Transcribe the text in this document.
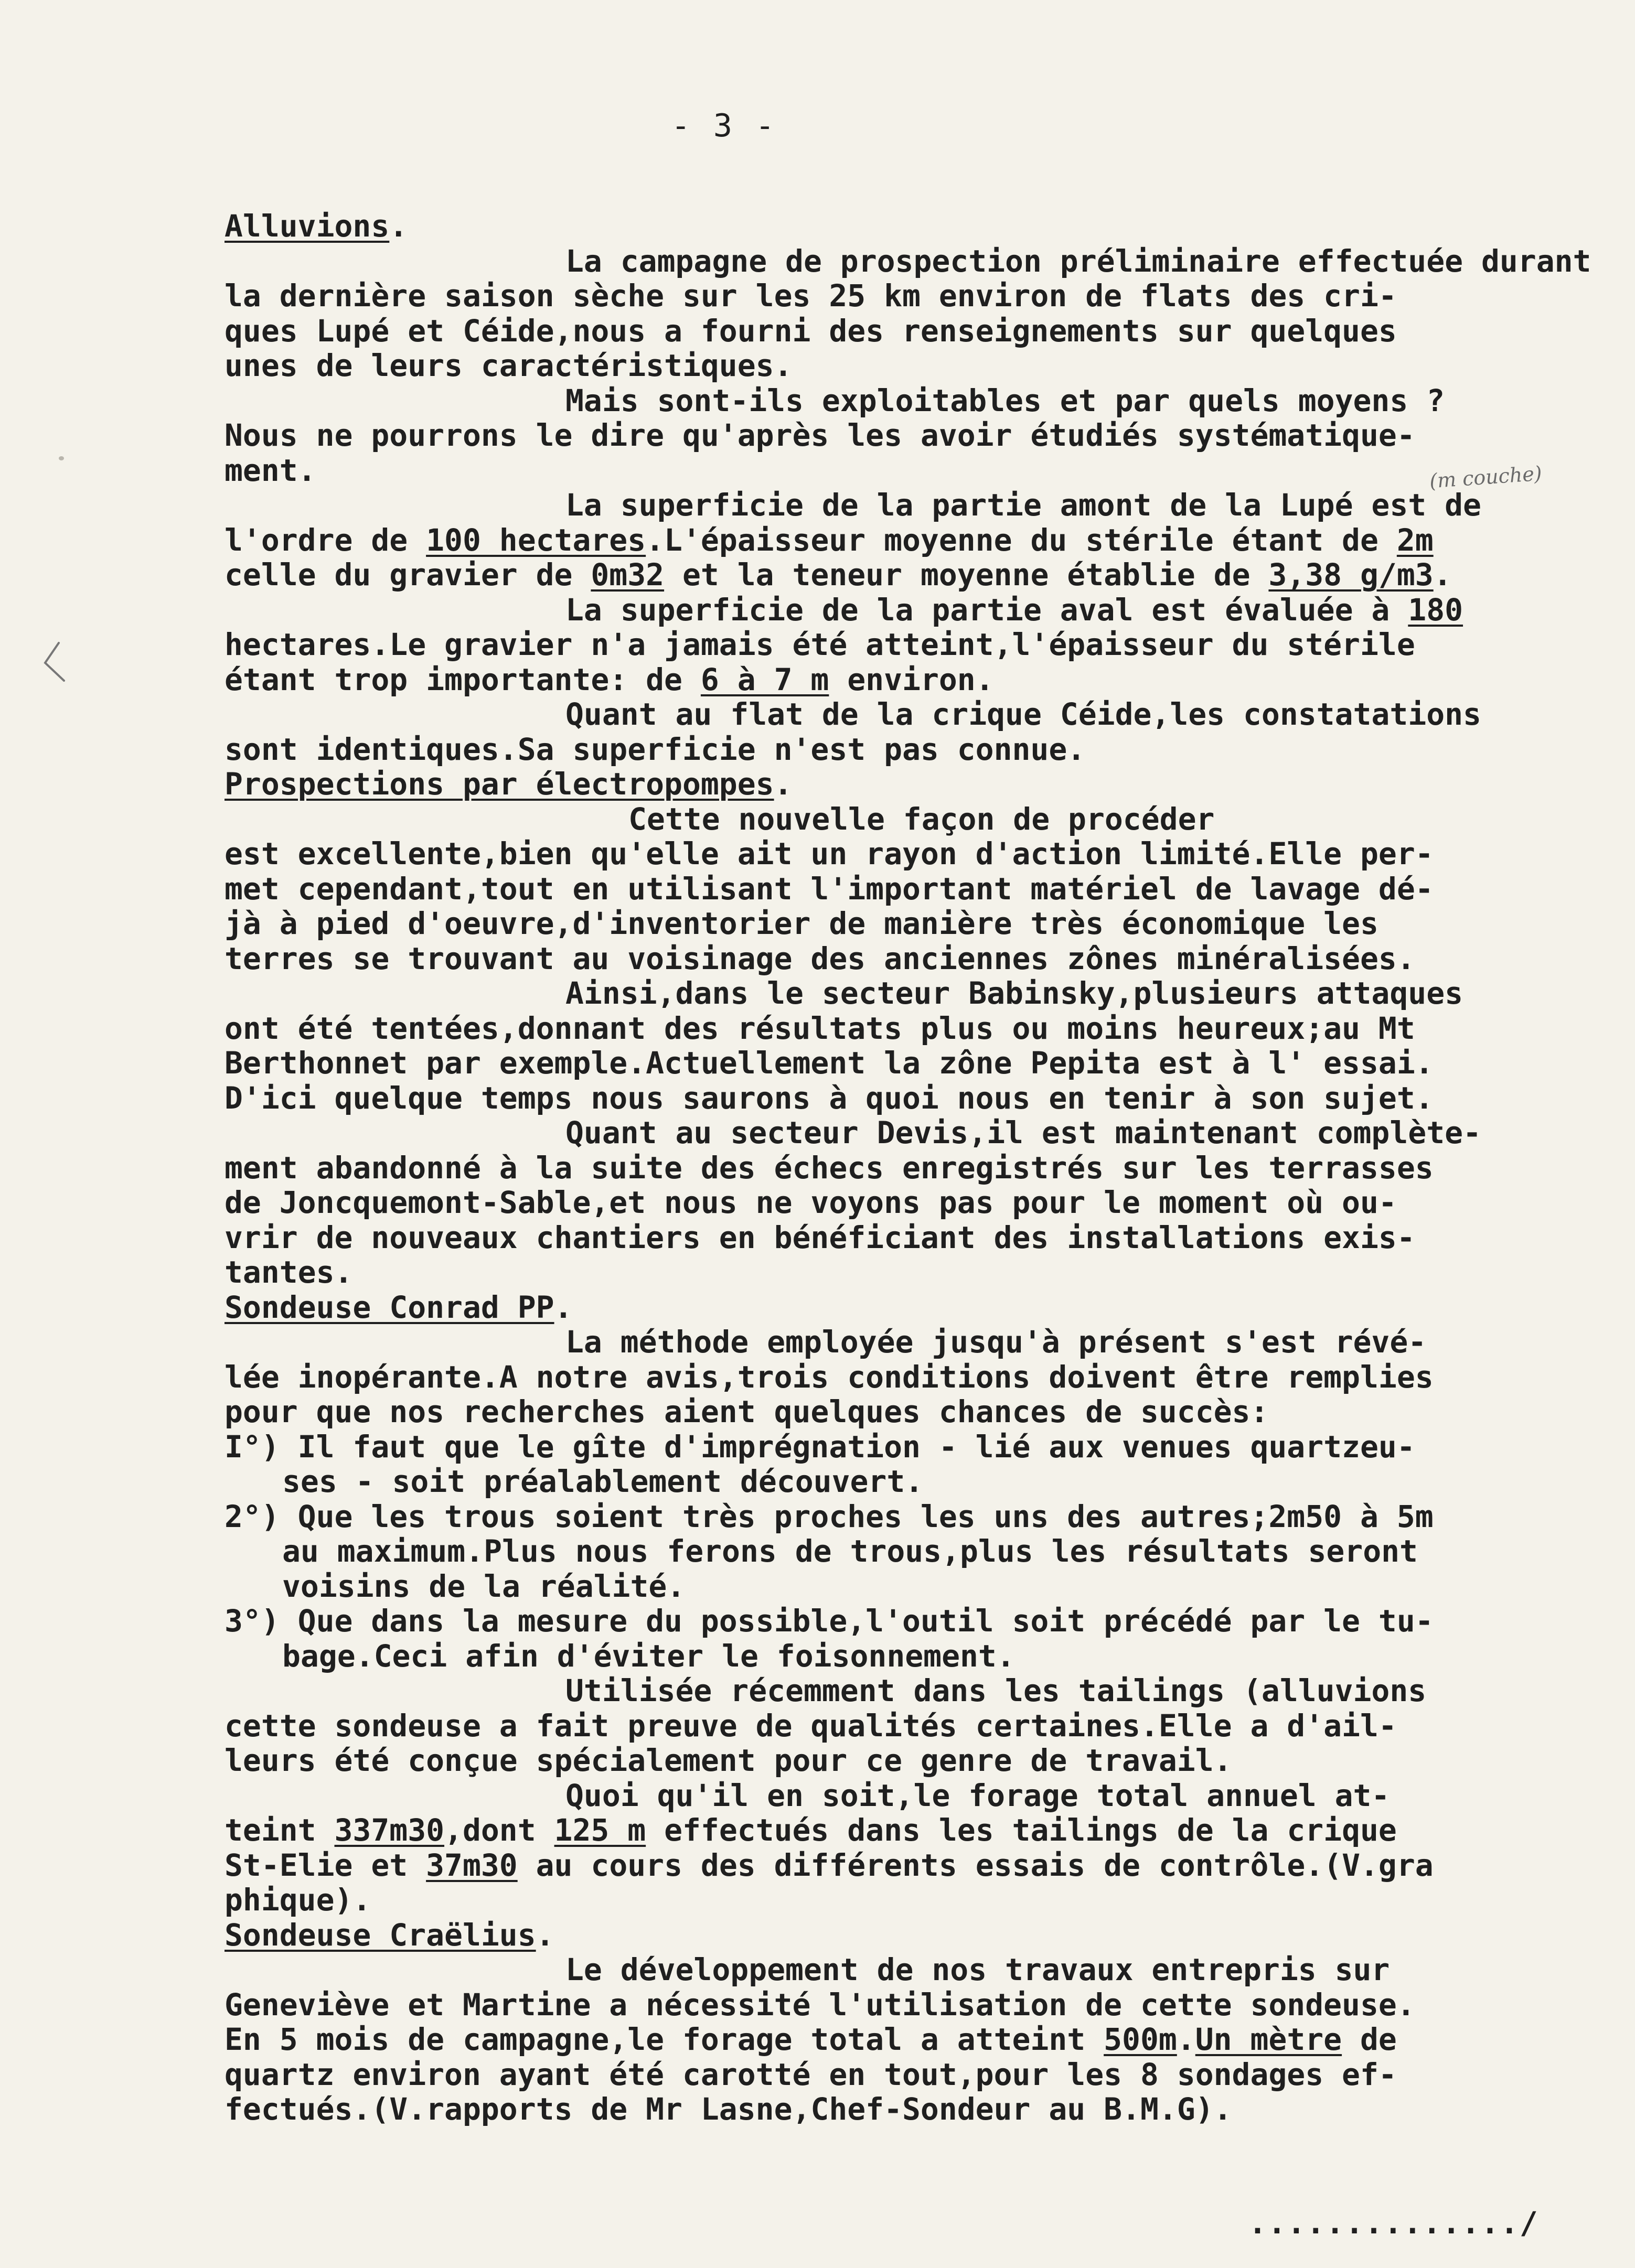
- 3 -
(m couche)
Alluvions.
La campagne de prospection préliminaire effectuée durant
la dernière saison sèche sur les 25 km environ de flats des cri-
ques Lupé et Céide,nous a fourni des renseignements sur quelques
unes de leurs caractéristiques.
Mais sont-ils exploitables et par quels moyens ?
Nous ne pourrons le dire qu'après les avoir étudiés systématique-
ment.
La superficie de la partie amont de la Lupé est de
l'ordre de 100 hectares.L'épaisseur moyenne du stérile étant de 2m
celle du gravier de 0m32 et la teneur moyenne établie de 3,38 g/m3.
La superficie de la partie aval est évaluée à 180
hectares.Le gravier n'a jamais été atteint,l'épaisseur du stérile
étant trop importante: de 6 à 7 m environ.
Quant au flat de la crique Céide,les constatations
sont identiques.Sa superficie n'est pas connue.
Prospections par électropompes.
Cette nouvelle façon de procéder
est excellente,bien qu'elle ait un rayon d'action limité.Elle per-
met cependant,tout en utilisant l'important matériel de lavage dé-
jà à pied d'oeuvre,d'inventorier de manière très économique les
terres se trouvant au voisinage des anciennes zônes minéralisées.
Ainsi,dans le secteur Babinsky,plusieurs attaques
ont été tentées,donnant des résultats plus ou moins heureux;au Mt
Berthonnet par exemple.Actuellement la zône Pepita est à l' essai.
D'ici quelque temps nous saurons à quoi nous en tenir à son sujet.
Quant au secteur Devis,il est maintenant complète-
ment abandonné à la suite des échecs enregistrés sur les terrasses
de Joncquemont-Sable,et nous ne voyons pas pour le moment où ou-
vrir de nouveaux chantiers en bénéficiant des installations exis-
tantes.
Sondeuse Conrad PP.
La méthode employée jusqu'à présent s'est révé-
lée inopérante.A notre avis,trois conditions doivent être remplies
pour que nos recherches aient quelques chances de succès:
I°) Il faut que le gîte d'imprégnation - lié aux venues quartzeu-
ses - soit préalablement découvert.
2°) Que les trous soient très proches les uns des autres;2m50 à 5m
au maximum.Plus nous ferons de trous,plus les résultats seront
voisins de la réalité.
3°) Que dans la mesure du possible,l'outil soit précédé par le tu-
bage.Ceci afin d'éviter le foisonnement.
Utilisée récemment dans les tailings (alluvions
cette sondeuse a fait preuve de qualités certaines.Elle a d'ail-
leurs été conçue spécialement pour ce genre de travail.
Quoi qu'il en soit,le forage total annuel at-
teint 337m30,dont 125 m effectués dans les tailings de la crique
St-Elie et 37m30 au cours des différents essais de contrôle.(V.gra
phique).
Sondeuse Craëlius.
Le développement de nos travaux entrepris sur
Geneviève et Martine a nécessité l'utilisation de cette sondeuse.
En 5 mois de campagne,le forage total a atteint 500m.Un mètre de
quartz environ ayant été carotté en tout,pour les 8 sondages ef-
fectués.(V.rapports de Mr Lasne,Chef-Sondeur au B.M.G).
............../
